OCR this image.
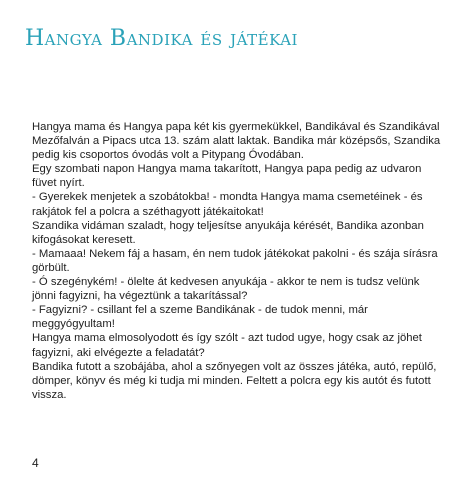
Hangya Bandika és játékai

Hangya mama és Hangya papa két kis gyermekükkel, Bandikával és Szandikával Mezőfalván a Pipacs utca 13. szám alatt laktak. Bandika már középsős, Szandika pedig kis csoportos óvodás volt a Pitypang Óvodában.

Egy szombati napon Hangya mama takarított, Hangya papa pedig az udvaron füvet nyírt.

- Gyerekek menjetek a szobátokba! - mondta Hangya mama csemetéinek - és rakjátok fel a polcra a széthagyott játékaitokat!

Szandika vidáman szaladt, hogy teljesítse anyukája kérését, Bandika azonban kifogásokat keresett.

- Mamaaa! Nekem fáj a hasam, én nem tudok játékokat pakolni - és szája sírásra görbült.

- Ó szegénykém! - ölelte át kedvesen anyukája - akkor te nem is tudsz velünk jönni fagyizni, ha végeztünk a takarítással?

- Fagyizni? - csillant fel a szeme Bandikának - de tudok menni, már meggyógyultam!

Hangya mama elmosolyodott és így szólt - azt tudod ugye, hogy csak az jöhet fagyizni, aki elvégezte a feladatát?

Bandika futott a szobájába, ahol a szőnyegen volt az összes játéka, autó, repülő, dömper, könyv és még ki tudja mi minden. Feltett a polcra egy kis autót és futott vissza.

4
